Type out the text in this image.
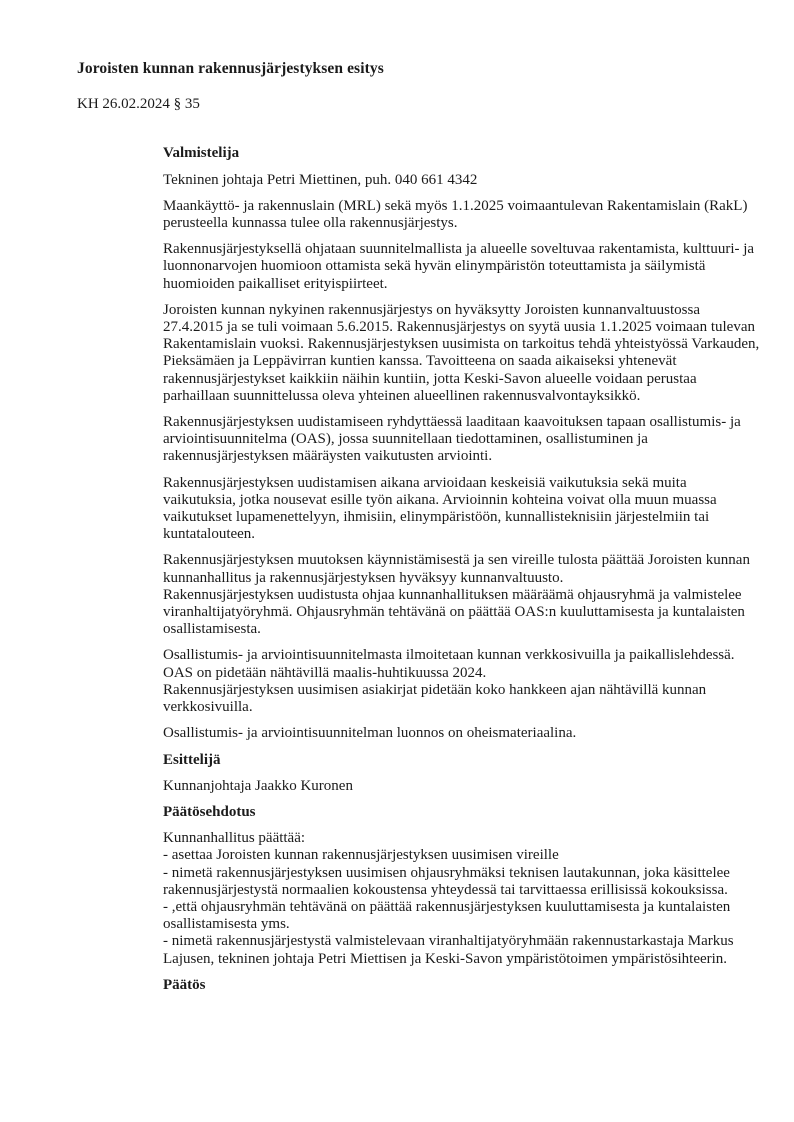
Joroisten kunnan rakennusjärjestyksen esitys

KH 26.02.2024 § 35

Valmistelija

Tekninen johtaja Petri Miettinen, puh. 040 661 4342

Maankäyttö- ja rakennuslain (MRL) sekä myös 1.1.2025 voimaantulevan Rakentamislain (RakL) perusteella kunnassa tulee olla rakennusjärjestys.

Rakennusjärjestyksellä ohjataan suunnitelmallista ja alueelle soveltuvaa rakentamista, kulttuuri- ja luonnonarvojen huomioon ottamista sekä hyvän elinympäristön toteuttamista ja säilymistä huomioiden paikalliset erityispiirteet.

Joroisten kunnan nykyinen rakennusjärjestys on hyväksytty Joroisten kunnanvaltuustossa 27.4.2015 ja se tuli voimaan 5.6.2015. Rakennusjärjestys on syytä uusia 1.1.2025 voimaan tulevan Rakentamislain vuoksi. Rakennusjärjestyksen uusimista on tarkoitus tehdä yhteistyössä Varkauden, Pieksämäen ja Leppävirran kuntien kanssa. Tavoitteena on saada aikaiseksi yhtenevät rakennusjärjestykset kaikkiin näihin kuntiin, jotta Keski-Savon alueelle voidaan perustaa parhaillaan suunnittelussa oleva yhteinen alueellinen rakennusvalvontayksikkö.

Rakennusjärjestyksen uudistamiseen ryhdyttäessä laaditaan kaavoituksen tapaan osallistumis- ja arviointisuunnitelma (OAS), jossa suunnitellaan tiedottaminen, osallistuminen ja rakennusjärjestyksen määräysten vaikutusten arviointi.

Rakennusjärjestyksen uudistamisen aikana arvioidaan keskeisiä vaikutuksia sekä muita vaikutuksia, jotka nousevat esille työn aikana. Arvioinnin kohteina voivat olla muun muassa vaikutukset lupamenettelyyn, ihmisiin, elinympäristöön, kunnallisteknisiin järjestelmiin tai kuntatalouteen.

Rakennusjärjestyksen muutoksen käynnistämisestä ja sen vireille tulosta päättää Joroisten kunnan kunnanhallitus ja rakennusjärjestyksen hyväksyy kunnanvaltuusto.
Rakennusjärjestyksen uudistusta ohjaa kunnanhallituksen määräämä ohjausryhmä ja valmistelee viranhaltijatyöryhmä. Ohjausryhmän tehtävänä on päättää OAS:n kuuluttamisesta ja kuntalaisten osallistamisesta.

Osallistumis- ja arviointisuunnitelmasta ilmoitetaan kunnan verkkosivuilla ja paikallislehdessä. OAS on pidetään nähtävillä maalis-huhtikuussa 2024.
Rakennusjärjestyksen uusimisen asiakirjat pidetään koko hankkeen ajan nähtävillä kunnan verkkosivuilla.

Osallistumis- ja arviointisuunnitelman luonnos on oheismateriaalina.

Esittelijä

Kunnanjohtaja Jaakko Kuronen

Päätösehdotus

Kunnanhallitus päättää:
- asettaa Joroisten kunnan rakennusjärjestyksen uusimisen vireille
- nimetä rakennusjärjestyksen uusimisen ohjausryhmäksi teknisen lautakunnan, joka käsittelee rakennusjärjestystä normaalien kokoustensa yhteydessä tai tarvittaessa erillisissä kokouksissa.
- ,että ohjausryhmän tehtävänä on päättää rakennusjärjestyksen kuuluttamisesta ja kuntalaisten osallistamisesta yms.
- nimetä rakennusjärjestystä valmistelevaan viranhaltijatyöryhmään rakennustarkastaja Markus Lajusen, tekninen johtaja Petri Miettisen ja Keski-Savon ympäristötoimen ympäristösihteerin.

Päätös
